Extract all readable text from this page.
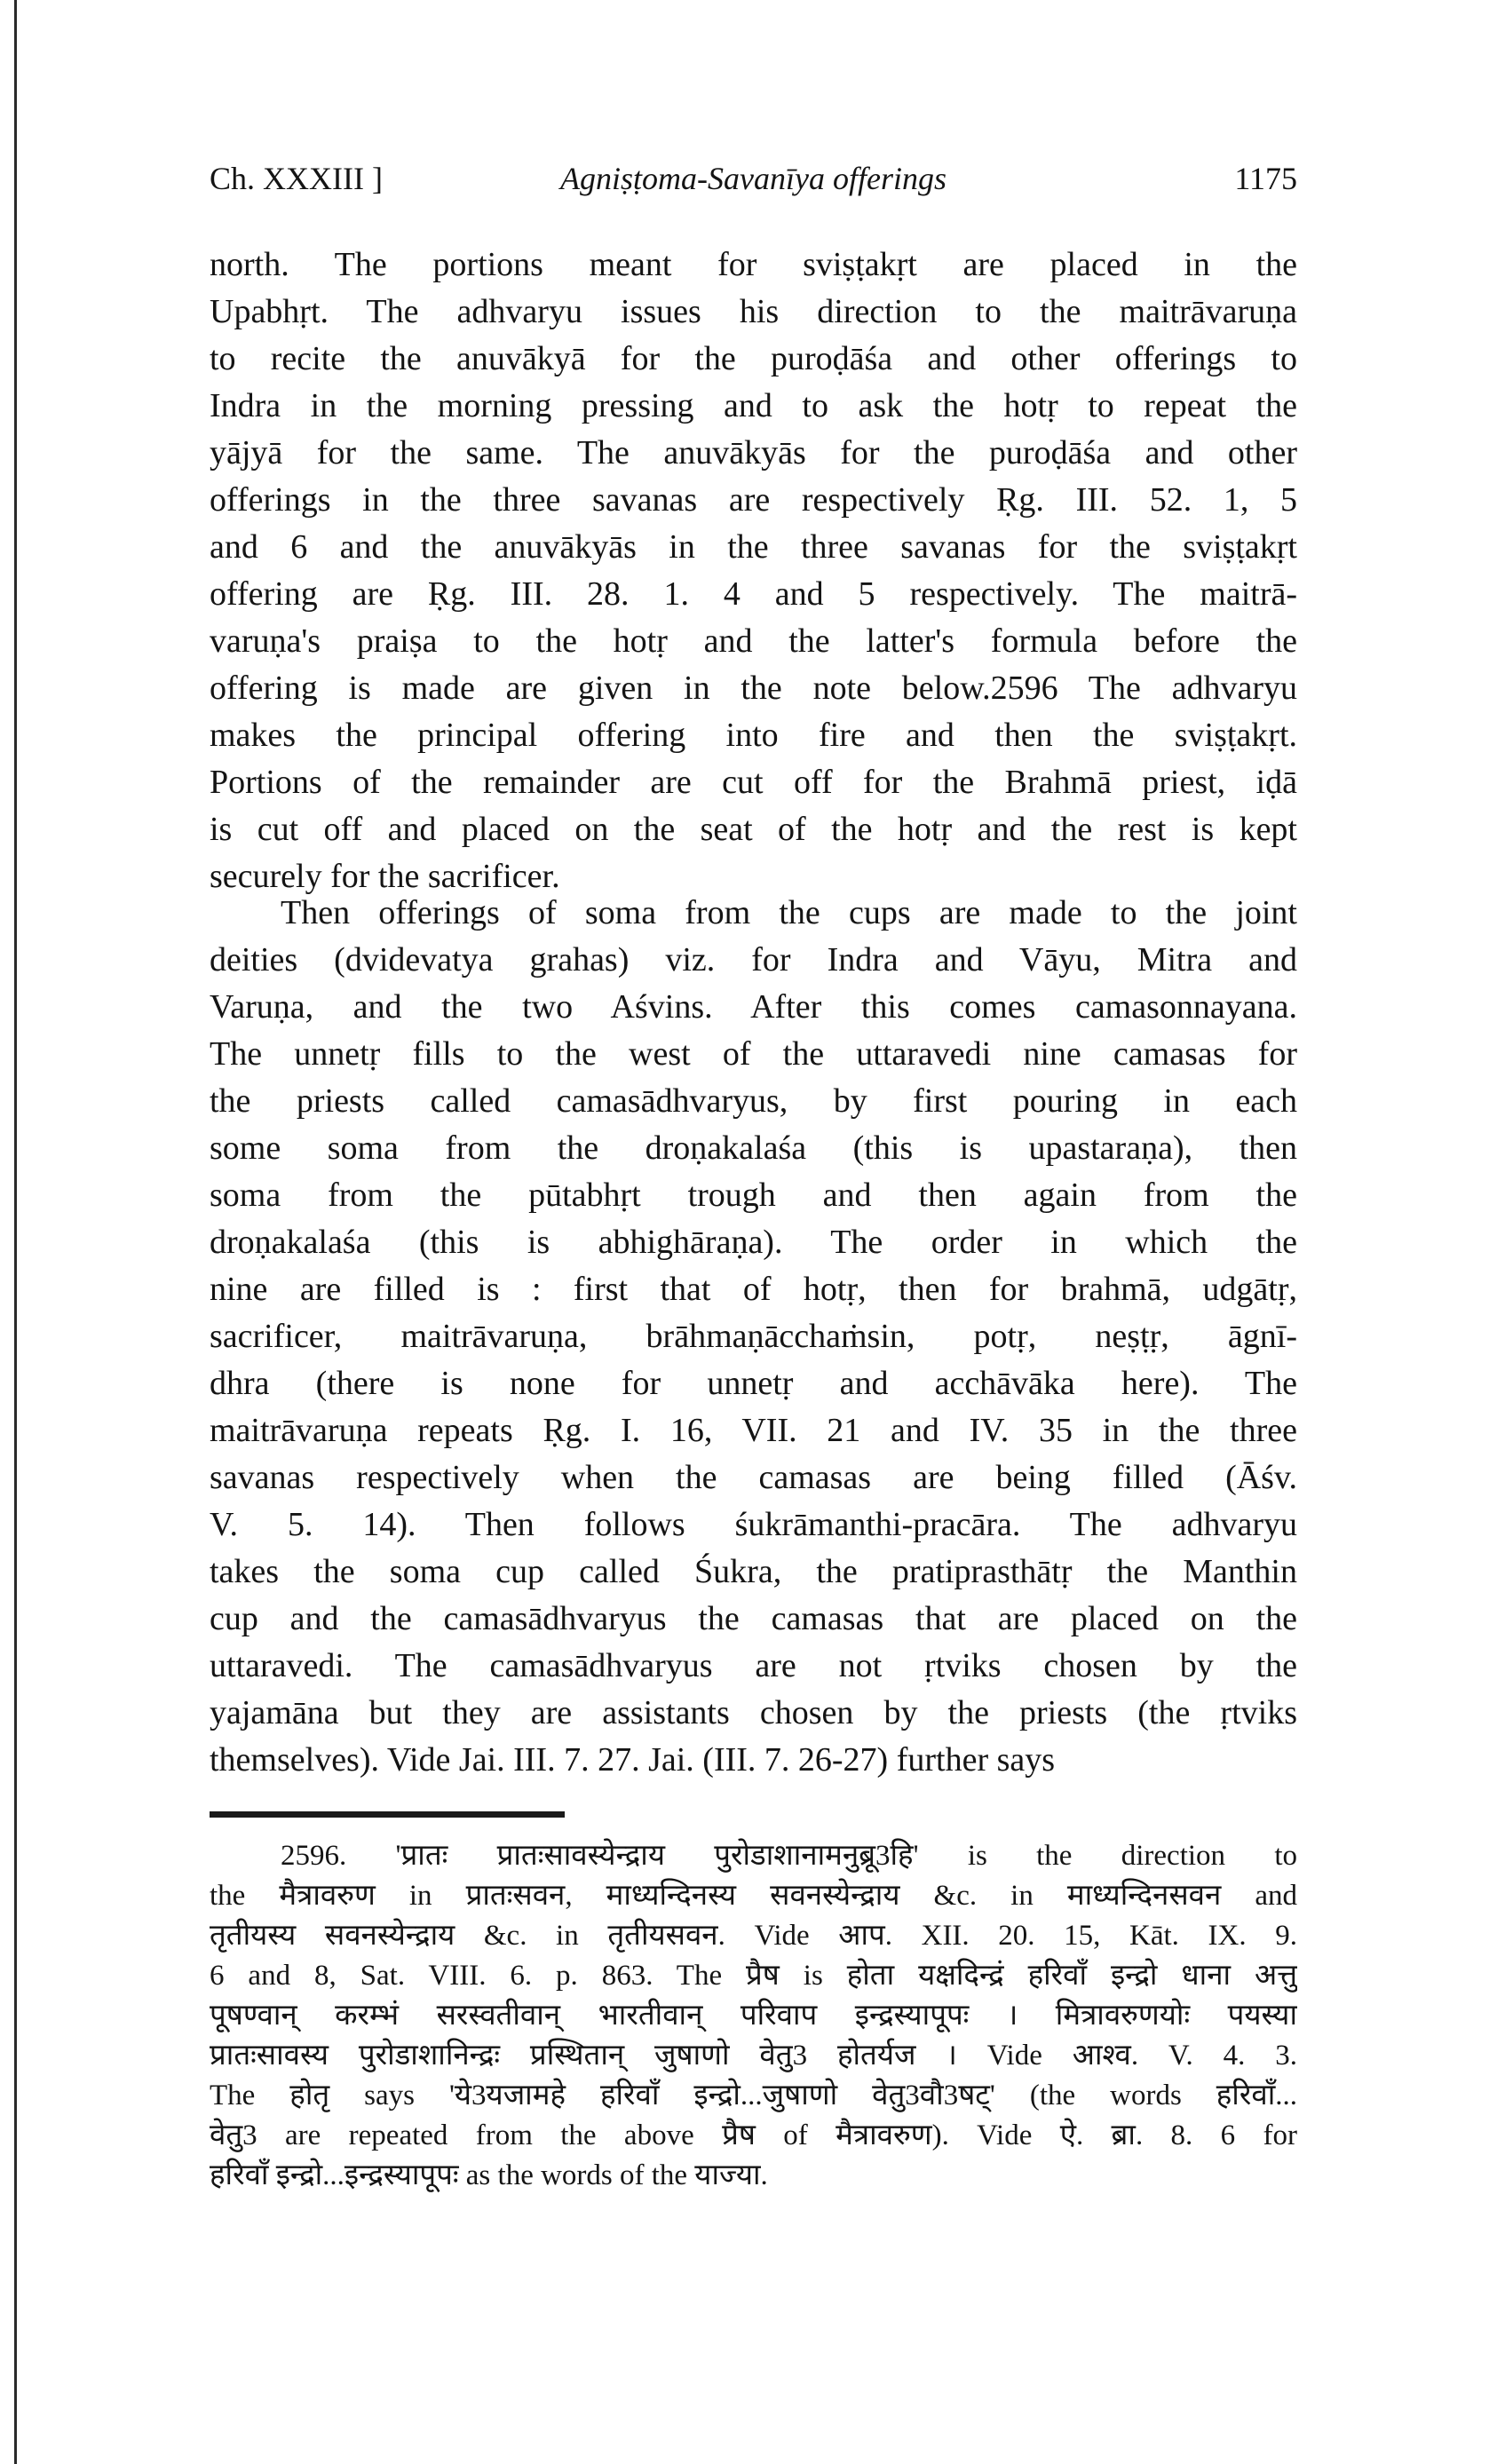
Ch. XXXIII ]	Agniṣṭoma-Savanīya offerings	1175
north. The portions meant for sviṣṭakṛt are placed in the
Upabhṛt. The adhvaryu issues his direction to the maitrāvaruṇa
to recite the anuvākyā for the puroḍāśa and other offerings to
Indra in the morning pressing and to ask the hotṛ to repeat the
yājyā for the same. The anuvākyās for the puroḍāśa and other
offerings in the three savanas are respectively Ṛg. III. 52. 1, 5
and 6 and the anuvākyās in the three savanas for the sviṣṭakṛt
offering are Ṛg. III. 28. 1. 4 and 5 respectively. The maitrā-
varuṇa's praiṣa to the hotṛ and the latter's formula before the
offering is made are given in the note below.2596 The adhvaryu
makes the principal offering into fire and then the sviṣṭakṛt.
Portions of the remainder are cut off for the Brahmā priest, iḍā
is cut off and placed on the seat of the hotṛ and the rest is kept
securely for the sacrificer.
Then offerings of soma from the cups are made to the joint
deities (dvidevatya grahas) viz. for Indra and Vāyu, Mitra and
Varuṇa, and the two Aśvins. After this comes camasonnayana.
The unnetṛ fills to the west of the uttaravedi nine camasas for
the priests called camasādhvaryus, by first pouring in each
some soma from the droṇakalaśa (this is upastaraṇa), then
soma from the pūtabhṛt trough and then again from the
droṇakalaśa (this is abhighāraṇa). The order in which the
nine are filled is : first that of hotṛ, then for brahmā, udgātṛ,
sacrificer, maitrāvaruṇa, brāhmaṇācchaṁsin, potṛ, neṣṭṛ, āgnī-
dhra (there is none for unnetṛ and acchāvāka here). The
maitrāvaruṇa repeats Ṛg. I. 16, VII. 21 and IV. 35 in the three
savanas respectively when the camasas are being filled (Āśv.
V. 5. 14). Then follows śukrāmanthi-pracāra. The adhvaryu
takes the soma cup called Śukra, the pratiprasthātṛ the Manthin
cup and the camasādhvaryus the camasas that are placed on the
uttaravedi. The camasādhvaryus are not ṛtviks chosen by the
yajamāna but they are assistants chosen by the priests (the ṛtviks
themselves). Vide Jai. III. 7. 27. Jai. (III. 7. 26-27) further says
2596. 'प्रातः प्रातःसावस्येन्द्राय पुरोडाशानामनुब्रू3हि' is the direction to
the मैत्रावरुण in प्रातःसवन, माध्यन्दिनस्य सवनस्येन्द्राय &c. in माध्यन्दिनसवन and
तृतीयस्य सवनस्येन्द्राय &c. in तृतीयसवन. Vide आप. XII. 20. 15, Kāt. IX. 9.
6 and 8, Sat. VIII. 6. p. 863. The प्रैष is होता यक्षदिन्द्रं हरिवाँ इन्द्रो धाना अत्तु
पूषण्वान् करम्भं सरस्वतीवान् भारतीवान् परिवाप इन्द्रस्यापूपः । मित्रावरुणयोः पयस्या
प्रातःसावस्य पुरोडाशानिन्द्रः प्रस्थितान् जुषाणो वेतु3 होतर्यज । Vide आश्व. V. 4. 3.
The होतृ says 'ये3यजामहे हरिवाँ इन्द्रो...जुषाणो वेतु3वौ3षट्' (the words हरिवाँ...
वेतु3 are repeated from the above प्रैष of मैत्रावरुण). Vide ऐ. ब्रा. 8. 6 for
हरिवाँ इन्द्रो...इन्द्रस्यापूपः as the words of the याज्या.
